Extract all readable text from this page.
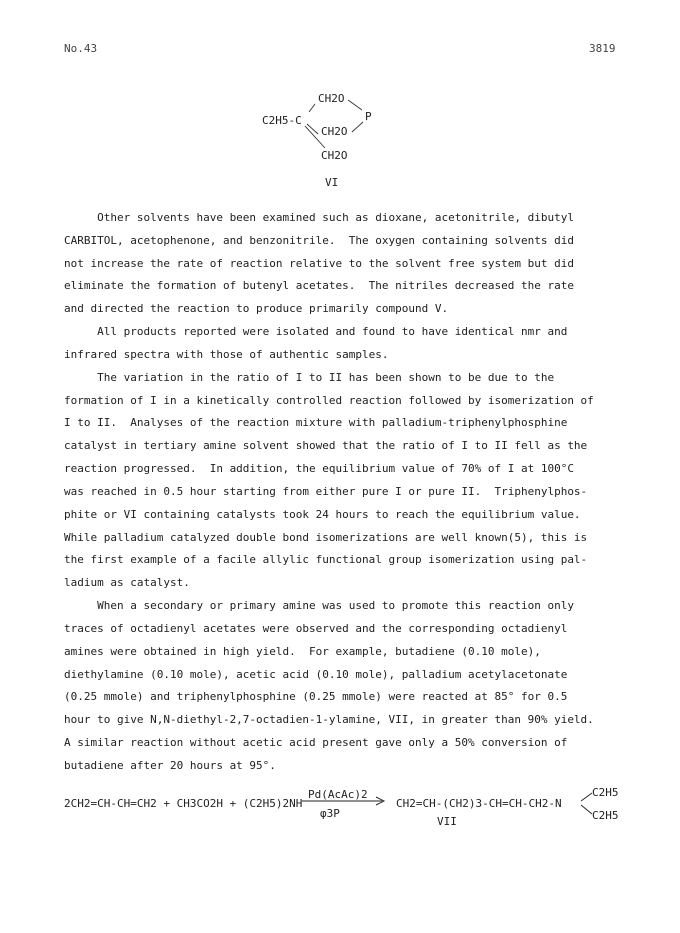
No.43	3819
CH2O
C2H5-C	P
CH2O
CH2O
VI
Other solvents have been examined such as dioxane, acetonitrile, dibutyl
CARBITOL, acetophenone, and benzonitrile.  The oxygen containing solvents did
not increase the rate of reaction relative to the solvent free system but did
eliminate the formation of butenyl acetates.  The nitriles decreased the rate
and directed the reaction to produce primarily compound V.
All products reported were isolated and found to have identical nmr and
infrared spectra with those of authentic samples.
The variation in the ratio of I to II has been shown to be due to the
formation of I in a kinetically controlled reaction followed by isomerization of
I to II.  Analyses of the reaction mixture with palladium-triphenylphosphine
catalyst in tertiary amine solvent showed that the ratio of I to II fell as the
reaction progressed.  In addition, the equilibrium value of 70% of I at 100°C
was reached in 0.5 hour starting from either pure I or pure II.  Triphenylphos-
phite or VI containing catalysts took 24 hours to reach the equilibrium value.
While palladium catalyzed double bond isomerizations are well known(5), this is
the first example of a facile allylic functional group isomerization using pal-
ladium as catalyst.
When a secondary or primary amine was used to promote this reaction only
traces of octadienyl acetates were observed and the corresponding octadienyl
amines were obtained in high yield.  For example, butadiene (0.10 mole),
diethylamine (0.10 mole), acetic acid (0.10 mole), palladium acetylacetonate
(0.25 mmole) and triphenylphosphine (0.25 mmole) were reacted at 85° for 0.5
hour to give N,N-diethyl-2,7-octadien-1-ylamine, VII, in greater than 90% yield.
A similar reaction without acetic acid present gave only a 50% conversion of
butadiene after 20 hours at 95°.
2CH2=CH-CH=CH2 + CH3CO2H + (C2H5)2NH
Pd(AcAc)2
φ3P
CH2=CH-(CH2)3-CH=CH-CH2-N
C2H5
C2H5
VII
